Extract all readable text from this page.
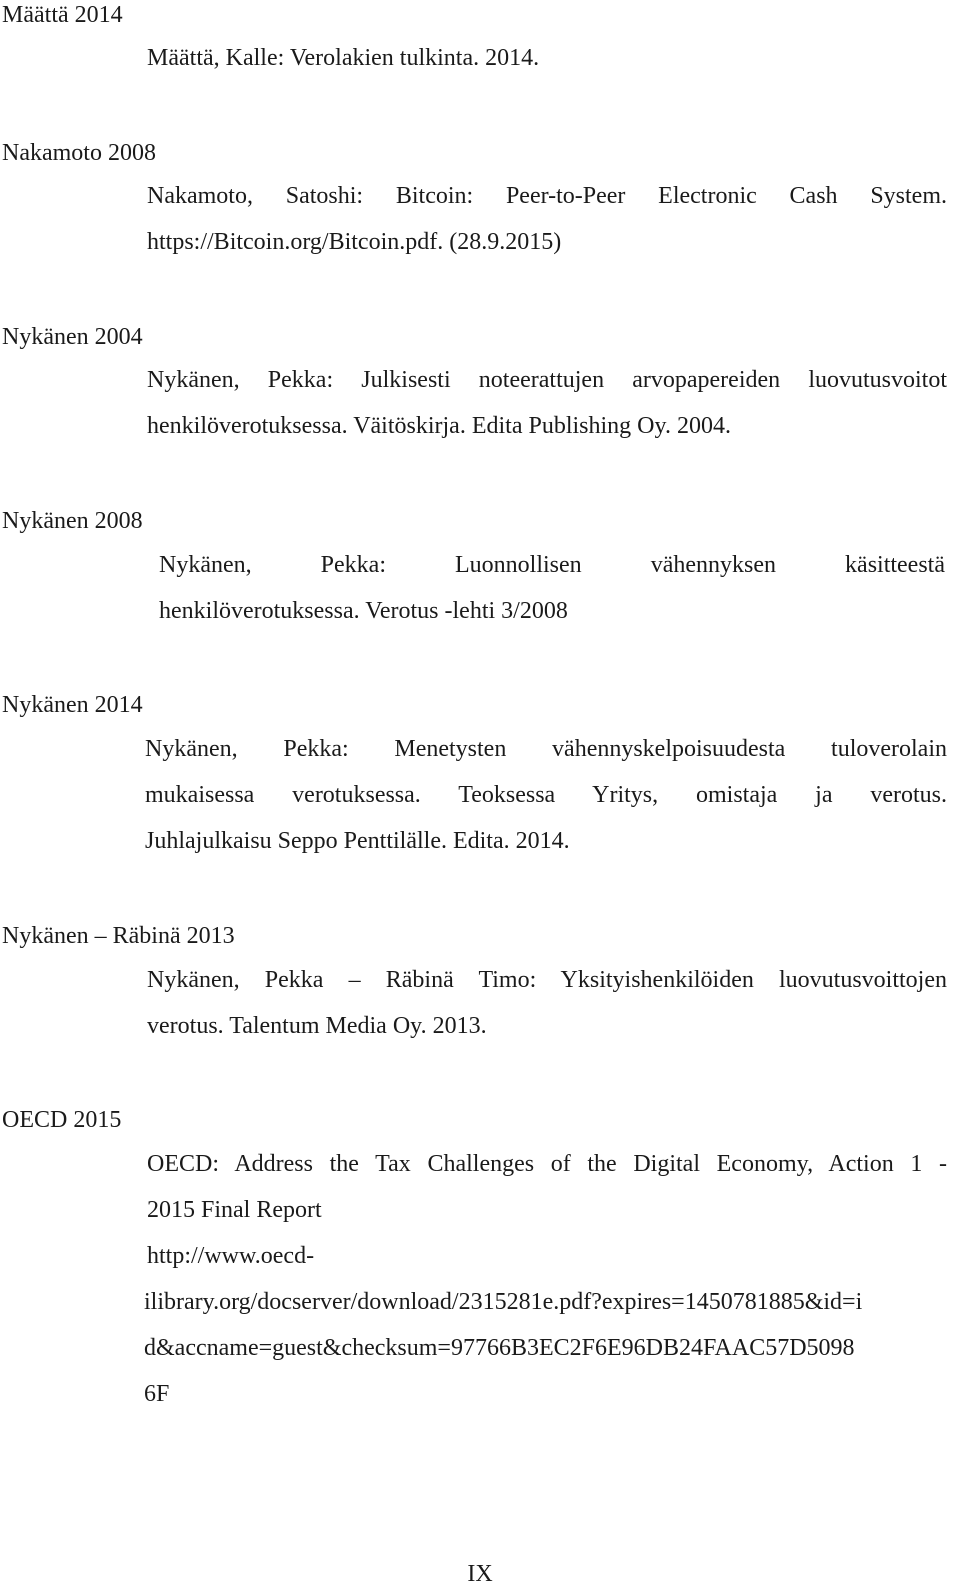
Määttä 2014
Määttä, Kalle: Verolakien tulkinta. 2014.
Nakamoto 2008
Nakamoto, Satoshi: Bitcoin: Peer-to-Peer Electronic Cash System.
https://Bitcoin.org/Bitcoin.pdf. (28.9.2015)
Nykänen 2004
Nykänen, Pekka: Julkisesti noteerattujen arvopapereiden luovutusvoitot
henkilöverotuksessa. Väitöskirja. Edita Publishing Oy. 2004.
Nykänen 2008
Nykänen, Pekka: Luonnollisen vähennyksen käsitteestä
henkilöverotuksessa. Verotus -lehti 3/2008
Nykänen 2014
Nykänen, Pekka: Menetysten vähennyskelpoisuudesta tuloverolain
mukaisessa verotuksessa. Teoksessa Yritys, omistaja ja verotus.
Juhlajulkaisu Seppo Penttilälle. Edita. 2014.
Nykänen – Räbinä 2013
Nykänen, Pekka – Räbinä Timo: Yksityishenkilöiden luovutusvoittojen
verotus. Talentum Media Oy. 2013.
OECD 2015
OECD: Address the Tax Challenges of the Digital Economy, Action 1 -
2015 Final Report
http://www.oecd-
ilibrary.org/docserver/download/2315281e.pdf?expires=1450781885&id=i
d&accname=guest&checksum=97766B3EC2F6E96DB24FAAC57D5098
6F
IX
